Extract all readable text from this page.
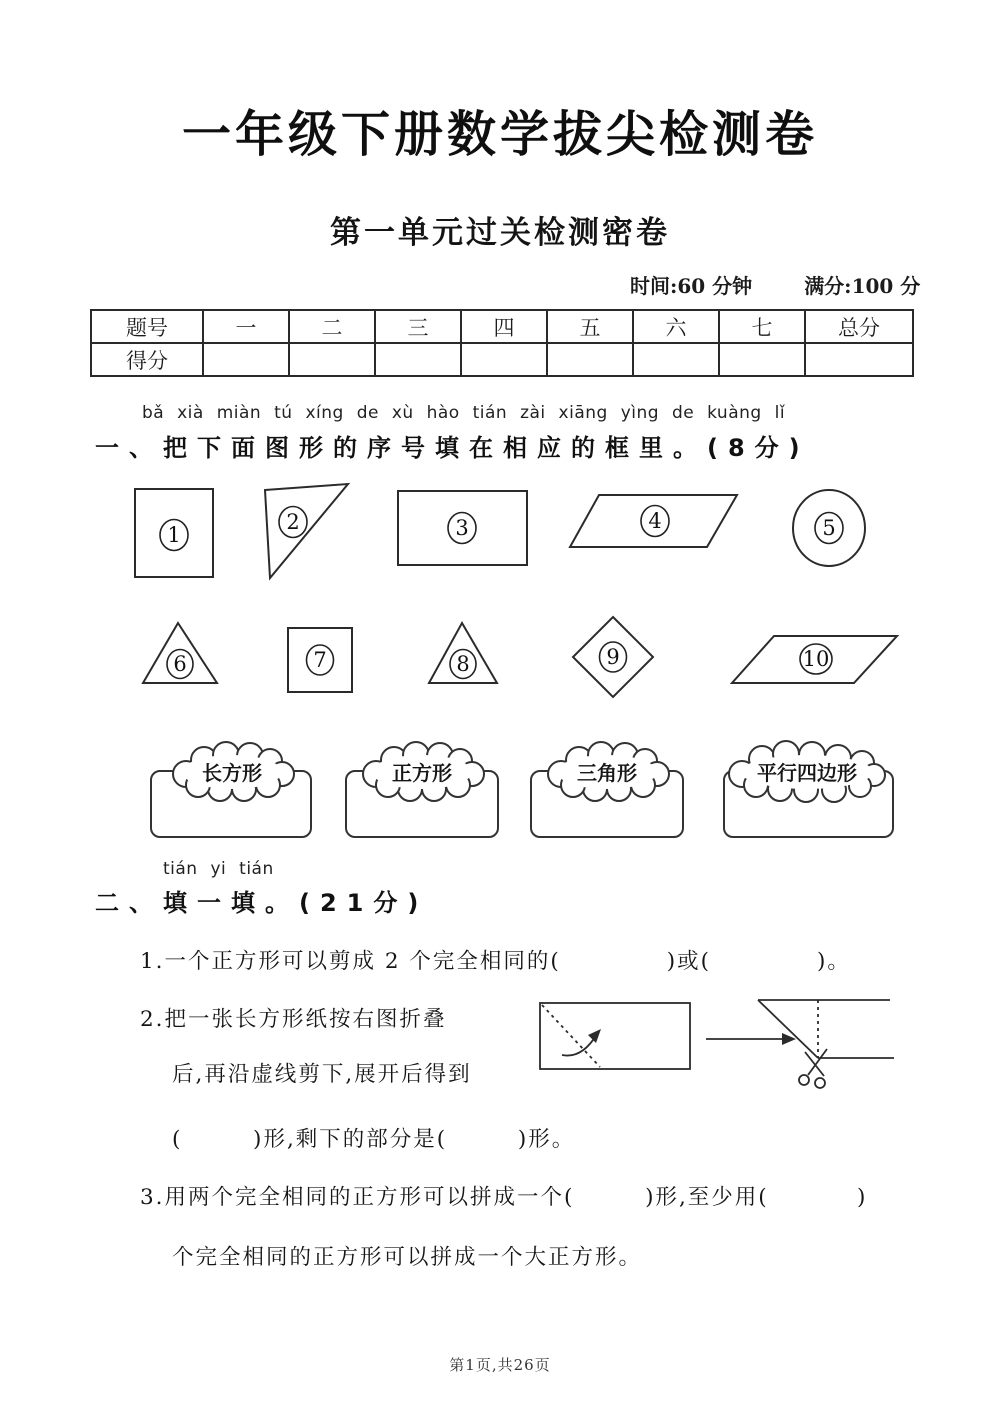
一年级下册数学拔尖检测卷
第一单元过关检测密卷
时间:60 分钟	满分:100 分
题号	一	二	三	四	五	六	七	总分
得分								
bǎ xià miàn tú xíng de xù hào tián zài xiāng yìng de kuàng lǐ
一、把下面图形的序号填在相应的框里。(8分)
1
2	3	4	5
6	7	8	9	10
长方形	正方形	三角形	平行四边形
tián yi tián
二、填一填。(21分)
1.一个正方形可以剪成 2 个完全相同的(            )或(            )。
2.把一张长方形纸按右图折叠
后,再沿虚线剪下,展开后得到
(        )形,剩下的部分是(        )形。
3.用两个完全相同的正方形可以拼成一个(        )形,至少用(          )
个完全相同的正方形可以拼成一个大正方形。
第1页,共26页
